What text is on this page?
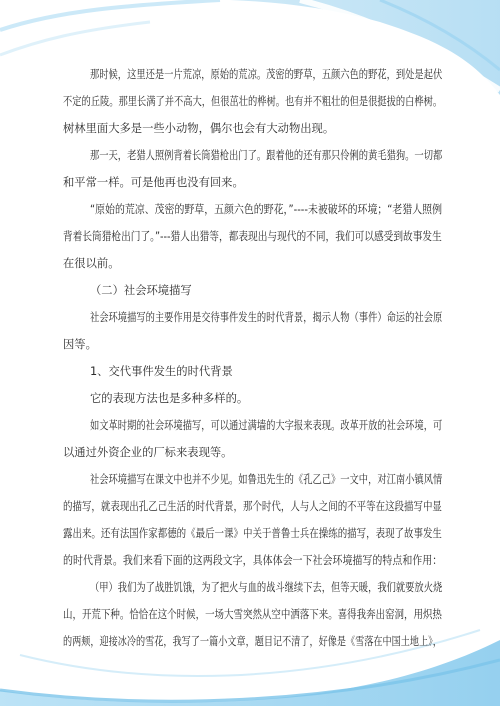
那时候，这里还是一片荒凉，原始的荒凉。茂密的野草，五颜六色的野花，到处是起伏
不定的丘陵。那里长满了并不高大，但很茁壮的桦树。也有并不粗壮的但是很挺拔的白桦树。
树林里面大多是一些小动物，偶尔也会有大动物出现。
那一天，老猎人照例背着长筒猎枪出门了。跟着他的还有那只伶俐的黄毛猎狗。一切都
和平常一样。可是他再也没有回来。
“原始的荒凉、茂密的野草，五颜六色的野花，”----未被破坏的环境；“老猎人照例
背着长筒猎枪出门了。”---猎人出猎等，都表现出与现代的不同，我们可以感受到故事发生
在很以前。
（二）社会环境描写
社会环境描写的主要作用是交待事件发生的时代背景，揭示人物（事件）命运的社会原
因等。
1、交代事件发生的时代背景
它的表现方法也是多种多样的。
如文革时期的社会环境描写，可以通过满墙的大字报来表现。改革开放的社会环境，可
以通过外资企业的厂标来表现等。
社会环境描写在课文中也并不少见。如鲁迅先生的《孔乙己》一文中，对江南小镇风情
的描写，就表现出孔乙己生活的时代背景，那个时代，人与人之间的不平等在这段描写中显
露出来。还有法国作家都德的《最后一课》中关于普鲁士兵在操练的描写，表现了故事发生
的时代背景。我们来看下面的这两段文字，具体体会一下社会环境描写的特点和作用：
（甲）我们为了战胜饥饿，为了把火与血的战斗继续下去，但等天暖，我们就要放火烧
山，开荒下种。恰恰在这个时候，一场大雪突然从空中洒落下来。喜得我奔出窑洞，用炽热
的两颊，迎接冰冷的雪花，我写了一篇小文章，题目记不清了，好像是《雪落在中国土地上》，
